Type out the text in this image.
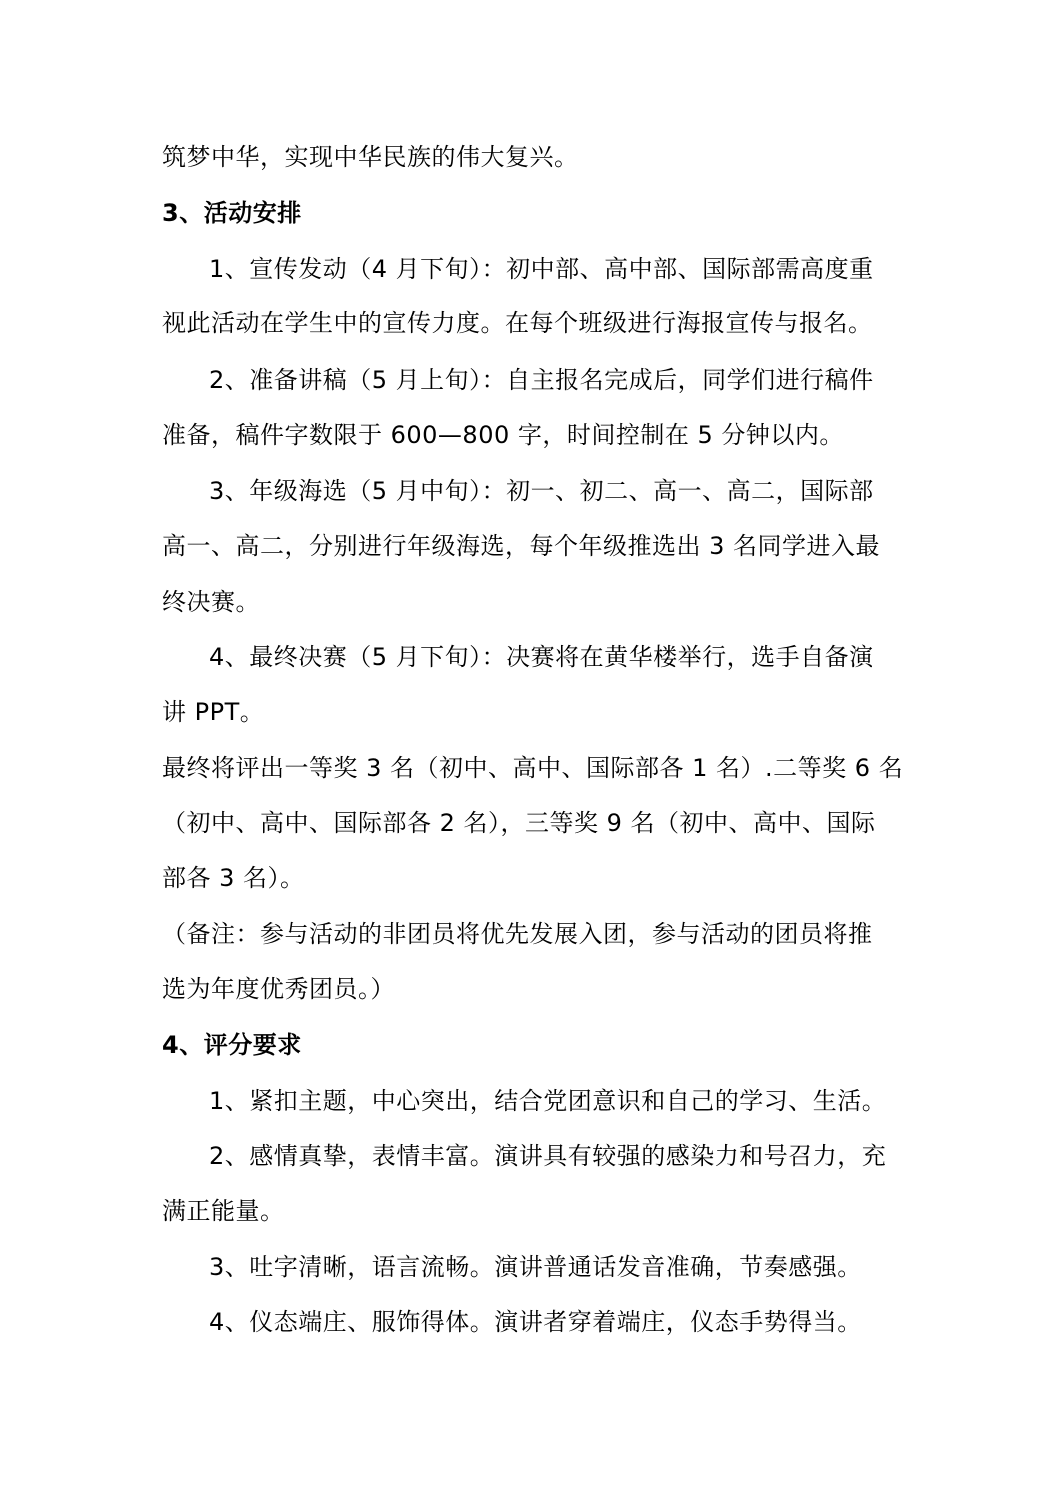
筑梦中华，实现中华民族的伟大复兴。
3、活动安排
1、宣传发动（4 月下旬）：初中部、高中部、国际部需高度重
视此活动在学生中的宣传力度。在每个班级进行海报宣传与报名。
2、准备讲稿（5 月上旬）：自主报名完成后，同学们进行稿件
准备，稿件字数限于 600—800 字，时间控制在 5 分钟以内。
3、年级海选（5 月中旬）：初一、初二、高一、高二，国际部
高一、高二，分别进行年级海选，每个年级推选出 3 名同学进入最
终决赛。
4、最终决赛（5 月下旬）：决赛将在黄华楼举行，选手自备演
讲 PPT。
最终将评出一等奖 3 名（初中、高中、国际部各 1 名）.二等奖 6 名
（初中、高中、国际部各 2 名），三等奖 9 名（初中、高中、国际
部各 3 名）。
（备注：参与活动的非团员将优先发展入团，参与活动的团员将推
选为年度优秀团员。）
4、评分要求
1、紧扣主题，中心突出，结合党团意识和自己的学习、生活。
2、感情真挚，表情丰富。演讲具有较强的感染力和号召力，充
满正能量。
3、吐字清晰，语言流畅。演讲普通话发音准确，节奏感强。
4、仪态端庄、服饰得体。演讲者穿着端庄，仪态手势得当。
